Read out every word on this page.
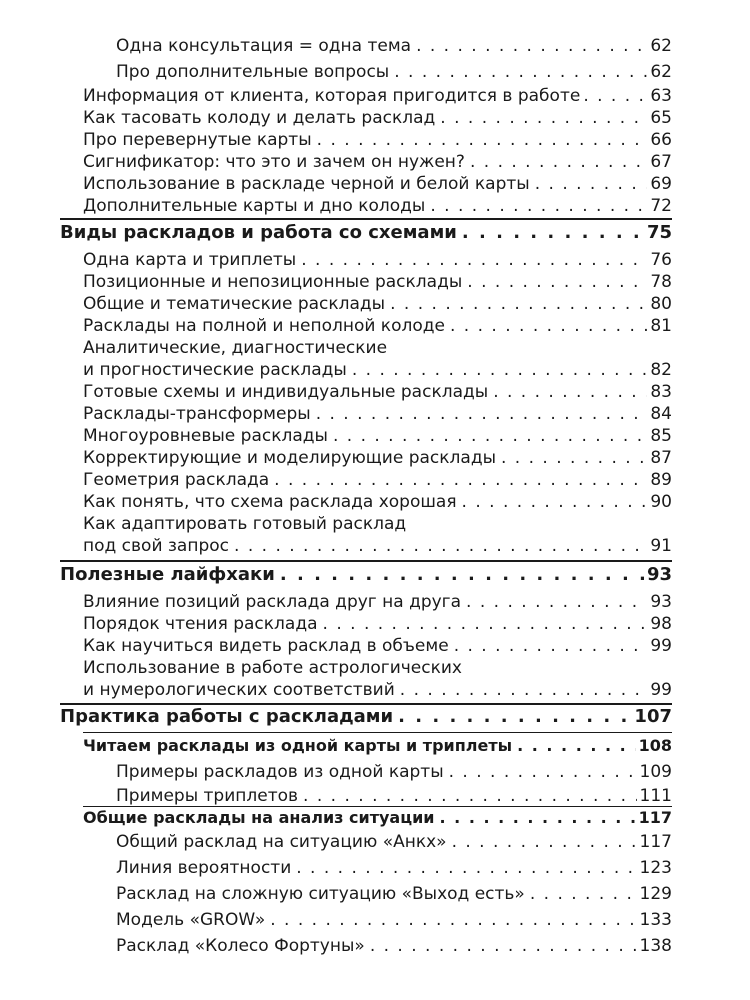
Одна консультация = одна тема . . .	62
Про дополнительные вопросы . . .	62
Информация от клиента, которая пригодится в работе . . .	63
Как тасовать колоду и делать расклад . . .	65
Про перевернутые карты . . .	66
Сигнификатор: что это и зачем он нужен? . . .	67
Использование в раскладе черной и белой карты . . .	69
Дополнительные карты и дно колоды . . .	72
Виды раскладов и работа со схемами . . .	75
Одна карта и триплеты . . .	76
Позиционные и непозиционные расклады . . .	78
Общие и тематические расклады . . .	80
Расклады на полной и неполной колоде . . .	81
Аналитические, диагностические
и прогностические расклады . . .	82
Готовые схемы и индивидуальные расклады . . .	83
Расклады-трансформеры . . .	84
Многоуровневые расклады . . .	85
Корректирующие и моделирующие расклады . . .	87
Геометрия расклада . . .	89
Как понять, что схема расклада хорошая . . .	90
Как адаптировать готовый расклад
под свой запрос . . .	91
Полезные лайфхаки . . .	93
Влияние позиций расклада друг на друга . . .	93
Порядок чтения расклада . . .	98
Как научиться видеть расклад в объеме . . .	99
Использование в работе астрологических
и нумерологических соответствий . . .	99
Практика работы с раскладами . . .	107
Читаем расклады из одной карты и триплеты . . .	108
Примеры раскладов из одной карты . . .	109
Примеры триплетов . . .	111
Общие расклады на анализ ситуации . . .	117
Общий расклад на ситуацию «Анкх» . . .	117
Линия вероятности . . .	123
Расклад на сложную ситуацию «Выход есть» . . .	129
Модель «GROW» . . .	133
Расклад «Колесо Фортуны» . . .	138
